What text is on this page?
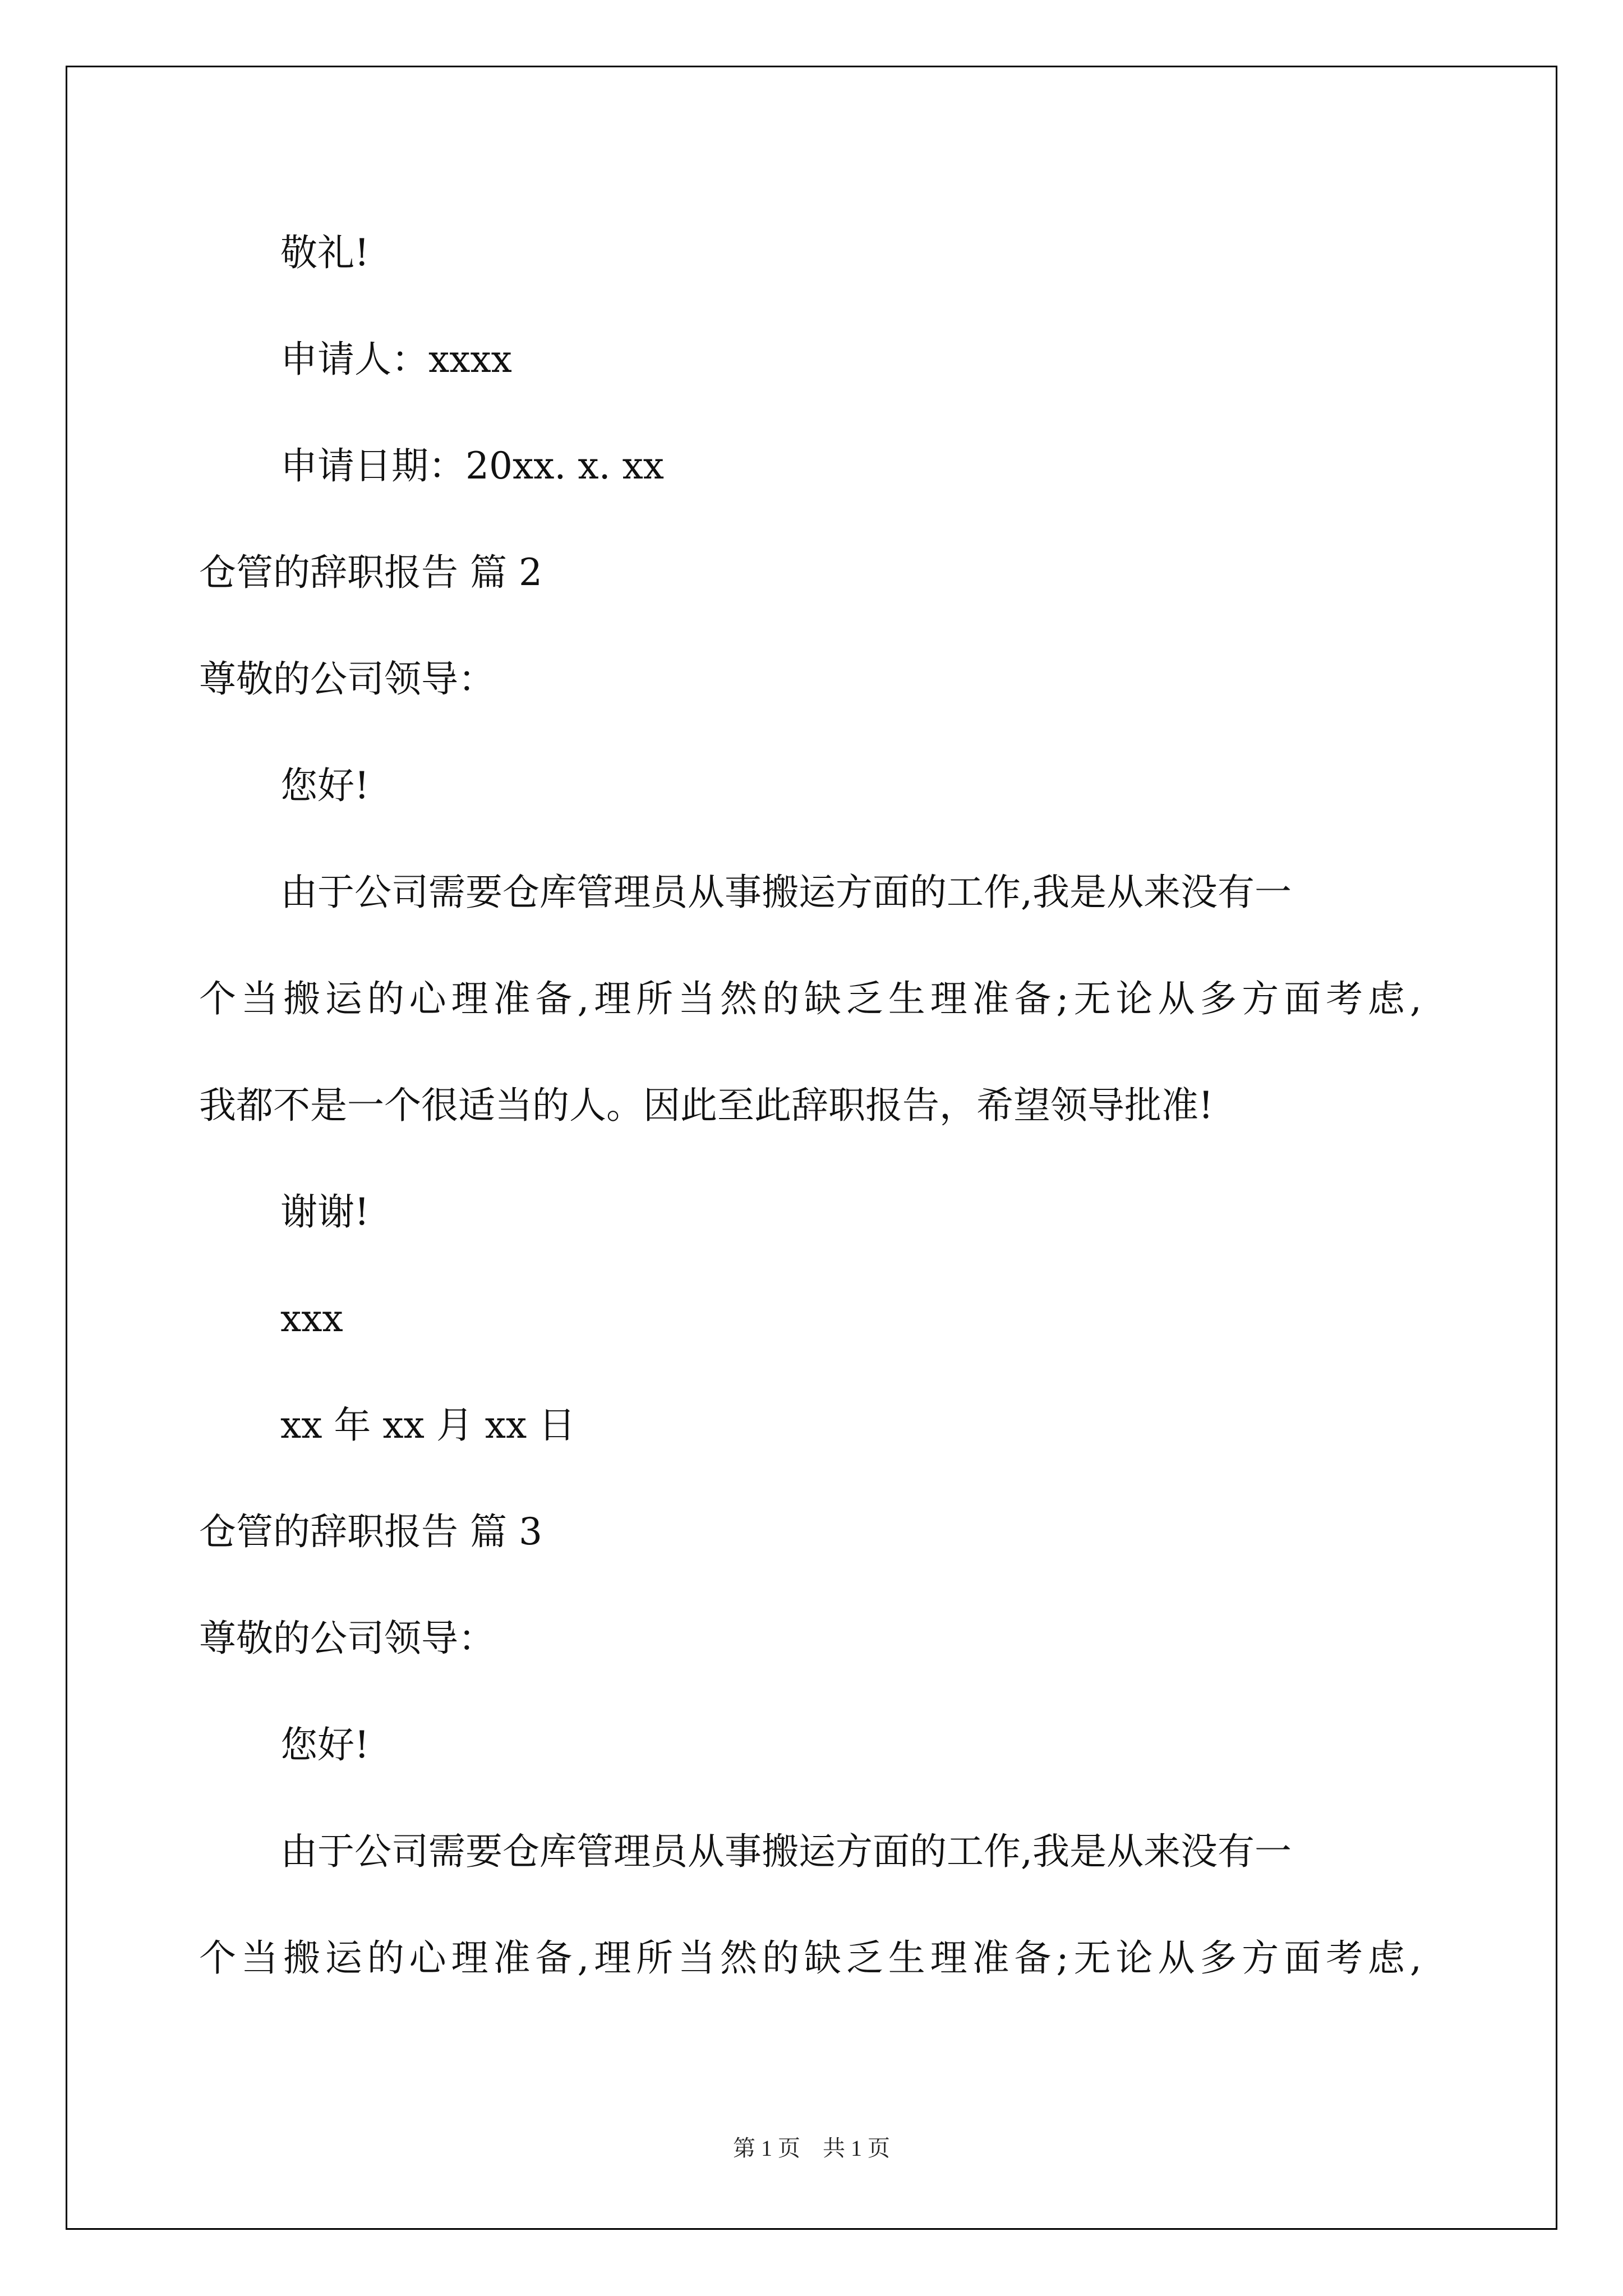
敬礼!
申请人：xxxx
申请日期：20xx. x. xx
仓管的辞职报告 篇 2
尊敬的公司领导：
您好!
由于公司需要仓库管理员从事搬运方面的工作,我是从来没有一
个当搬运的心理准备,理所当然的缺乏生理准备;无论从多方面考虑,
我都不是一个很适当的人。因此至此辞职报告，希望领导批准!
谢谢!
xxx
xx 年 xx 月 xx 日
仓管的辞职报告 篇 3
尊敬的公司领导：
您好!
由于公司需要仓库管理员从事搬运方面的工作,我是从来没有一
个当搬运的心理准备,理所当然的缺乏生理准备;无论从多方面考虑,
第 1 页　共 1 页
